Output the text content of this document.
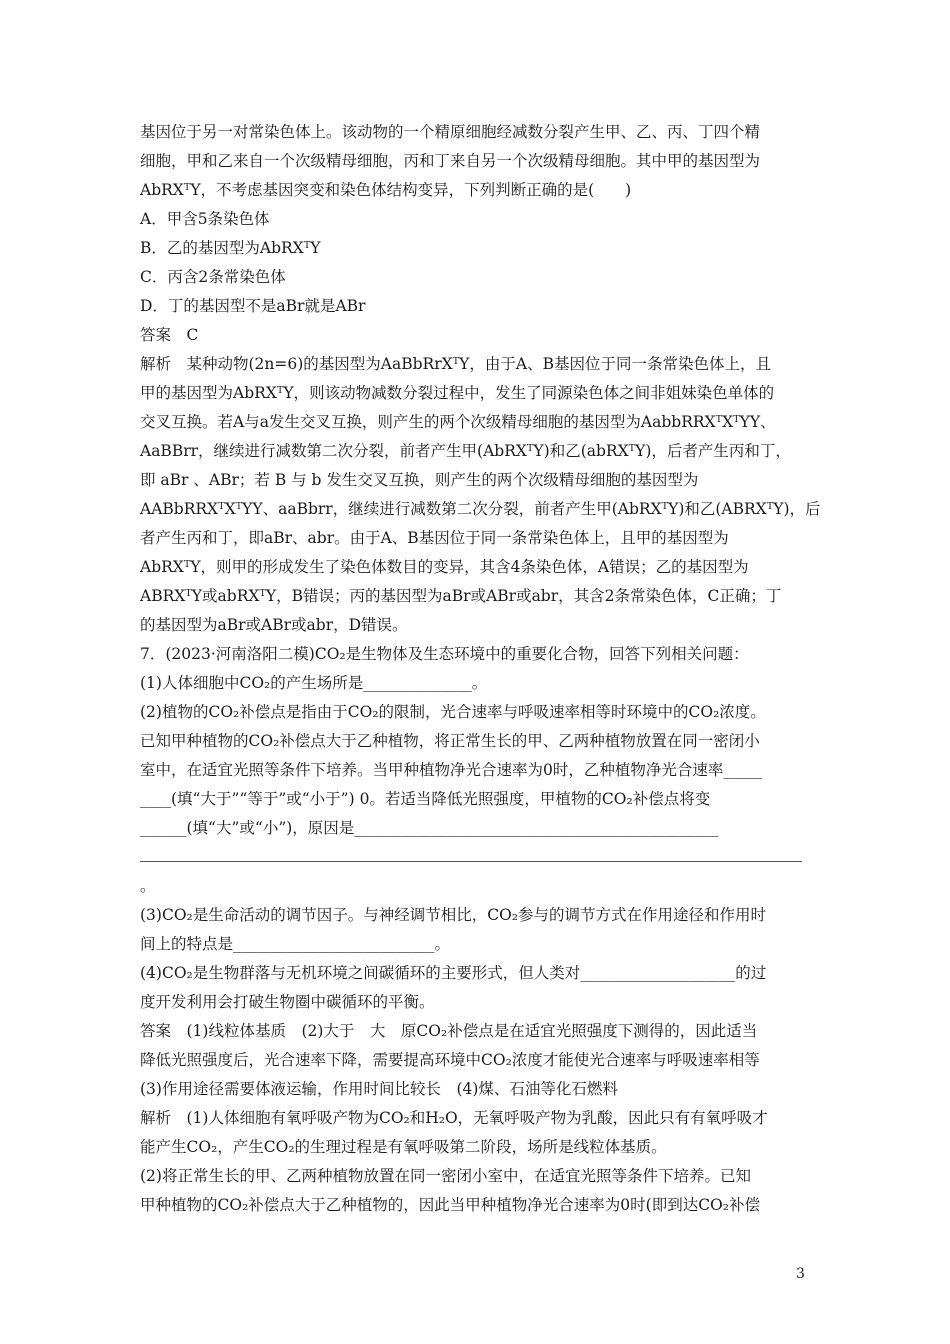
基因位于另一对常染色体上。该动物的一个精原细胞经减数分裂产生甲、乙、丙、丁四个精
细胞，甲和乙来自一个次级精母细胞，丙和丁来自另一个次级精母细胞。其中甲的基因型为
AbRXᵀY，不考虑基因突变和染色体结构变异，下列判断正确的是(　　)
A．甲含5条染色体
B．乙的基因型为AbRXᵀY
C．丙含2条常染色体
D．丁的基因型不是aBr就是ABr
答案　C
解析　某种动物(2n=6)的基因型为AaBbRrXᵀY，由于A、B基因位于同一条常染色体上，且
甲的基因型为AbRXᵀY，则该动物减数分裂过程中，发生了同源染色体之间非姐妹染色单体的
交叉互换。若A与a发生交叉互换，则产生的两个次级精母细胞的基因型为AabbRRXᵀXᵀYY、
AaBBrr，继续进行减数第二次分裂，前者产生甲(AbRXᵀY)和乙(abRXᵀY)，后者产生丙和丁，
即 aBr 、ABr；若 B 与 b 发生交叉互换，则产生的两个次级精母细胞的基因型为
AABbRRXᵀXᵀYY、aaBbrr，继续进行减数第二次分裂，前者产生甲(AbRXᵀY)和乙(ABRXᵀY)，后
者产生丙和丁，即aBr、abr。由于A、B基因位于同一条常染色体上，且甲的基因型为
AbRXᵀY，则甲的形成发生了染色体数目的变异，其含4条染色体，A错误；乙的基因型为
ABRXᵀY或abRXᵀY，B错误；丙的基因型为aBr或ABr或abr，其含2条常染色体，C正确；丁
的基因型为aBr或ABr或abr，D错误。
7．(2023·河南洛阳二模)CO₂是生物体及生态环境中的重要化合物，回答下列相关问题：
(1)人体细胞中CO₂的产生场所是______________。
(2)植物的CO₂补偿点是指由于CO₂的限制，光合速率与呼吸速率相等时环境中的CO₂浓度。
已知甲种植物的CO₂补偿点大于乙种植物，将正常生长的甲、乙两种植物放置在同一密闭小
室中，在适宜光照等条件下培养。当甲种植物净光合速率为0时，乙种植物净光合速率_____
____(填“大于”“等于”或“小于”) 0。若适当降低光照强度，甲植物的CO₂补偿点将变
______(填“大”或“小”)，原因是_______________________________________________

。
(3)CO₂是生命活动的调节因子。与神经调节相比，CO₂参与的调节方式在作用途径和作用时
间上的特点是__________________________。
(4)CO₂是生物群落与无机环境之间碳循环的主要形式，但人类对____________________的过
度开发利用会打破生物圈中碳循环的平衡。
答案　(1)线粒体基质　(2)大于　大　原CO₂补偿点是在适宜光照强度下测得的，因此适当
降低光照强度后，光合速率下降，需要提高环境中CO₂浓度才能使光合速率与呼吸速率相等
(3)作用途径需要体液运输，作用时间比较长　(4)煤、石油等化石燃料
解析　(1)人体细胞有氧呼吸产物为CO₂和H₂O，无氧呼吸产物为乳酸，因此只有有氧呼吸才
能产生CO₂，产生CO₂的生理过程是有氧呼吸第二阶段，场所是线粒体基质。
(2)将正常生长的甲、乙两种植物放置在同一密闭小室中，在适宜光照等条件下培养。已知
甲种植物的CO₂补偿点大于乙种植物的，因此当甲种植物净光合速率为0时(即到达CO₂补偿
3
